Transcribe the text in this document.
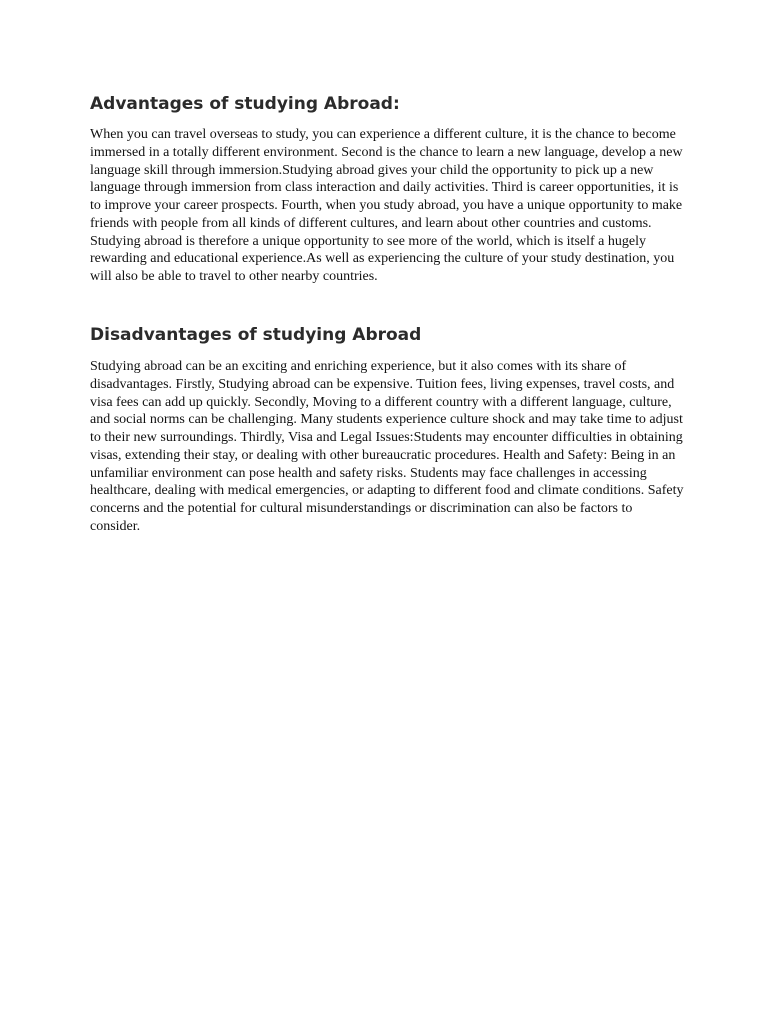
Advantages of studying Abroad:

When you can travel overseas to study, you can experience a different culture, it is the chance to become
immersed in a totally different environment. Second is the chance to learn a new language, develop a new
language skill through immersion.Studying abroad gives your child the opportunity to pick up a new
language through immersion from class interaction and daily activities. Third is career opportunities, it is
to improve your career prospects. Fourth, when you study abroad, you have a unique opportunity to make
friends with people from all kinds of different cultures, and learn about other countries and customs.
Studying abroad is therefore a unique opportunity to see more of the world, which is itself a hugely
rewarding and educational experience.As well as experiencing the culture of your study destination, you
will also be able to travel to other nearby countries.

Disadvantages of studying Abroad

Studying abroad can be an exciting and enriching experience, but it also comes with its share of
disadvantages. Firstly, Studying abroad can be expensive. Tuition fees, living expenses, travel costs, and
visa fees can add up quickly. Secondly, Moving to a different country with a different language, culture,
and social norms can be challenging. Many students experience culture shock and may take time to adjust
to their new surroundings. Thirdly, Visa and Legal Issues:Students may encounter difficulties in obtaining
visas, extending their stay, or dealing with other bureaucratic procedures. Health and Safety: Being in an
unfamiliar environment can pose health and safety risks. Students may face challenges in accessing
healthcare, dealing with medical emergencies, or adapting to different food and climate conditions. Safety
concerns and the potential for cultural misunderstandings or discrimination can also be factors to
consider.
